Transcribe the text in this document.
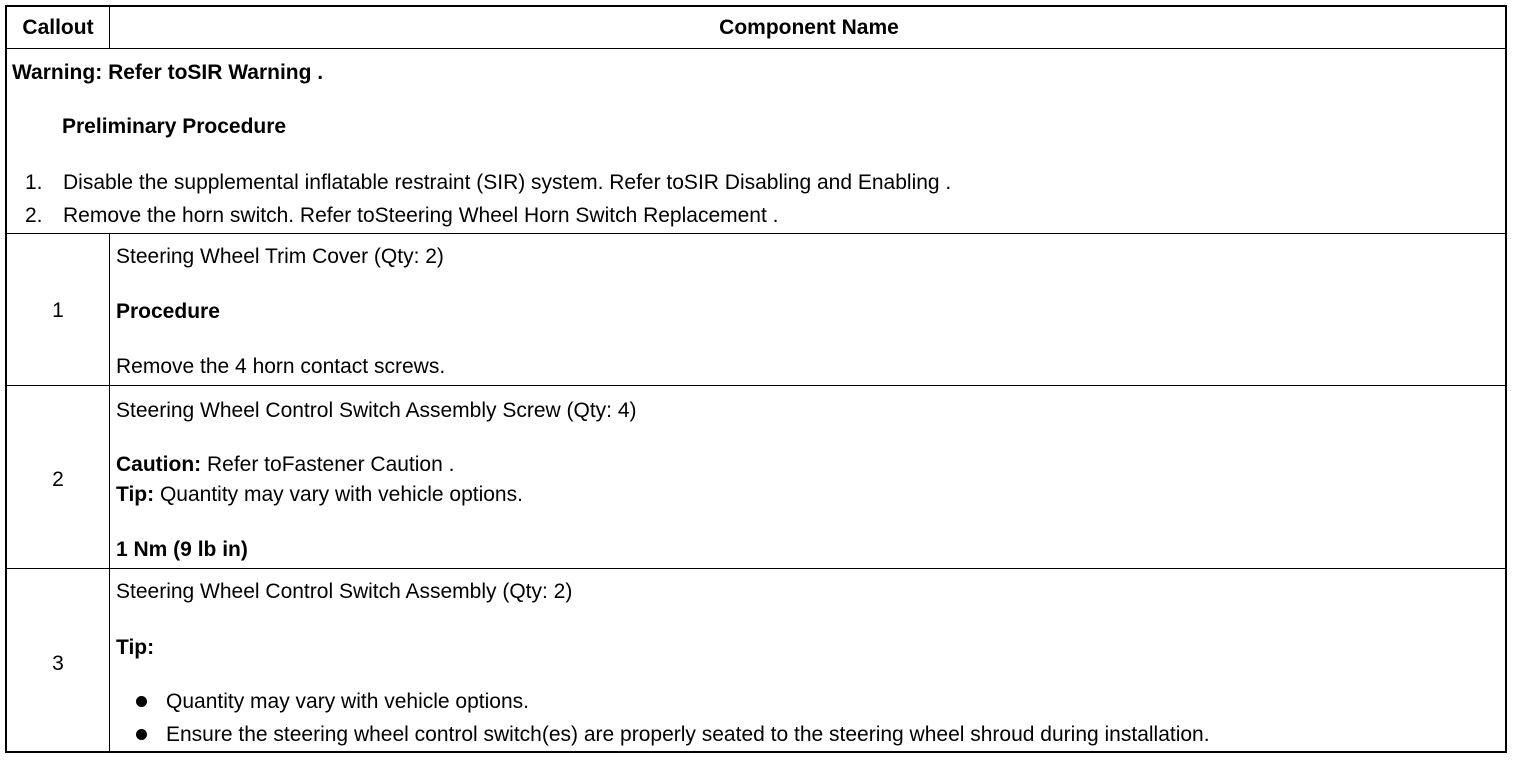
Callout	Component Name
Warning: Refer toSIR Warning .
Preliminary Procedure
1. Disable the supplemental inflatable restraint (SIR) system. Refer toSIR Disabling and Enabling .
2. Remove the horn switch. Refer toSteering Wheel Horn Switch Replacement .
1
Steering Wheel Trim Cover (Qty: 2)
Procedure
Remove the 4 horn contact screws.
2
Steering Wheel Control Switch Assembly Screw (Qty: 4)
Caution: Refer toFastener Caution .
Tip: Quantity may vary with vehicle options.
1 Nm (9 lb in)
3
Steering Wheel Control Switch Assembly (Qty: 2)
Tip:
Quantity may vary with vehicle options.
Ensure the steering wheel control switch(es) are properly seated to the steering wheel shroud during installation.
